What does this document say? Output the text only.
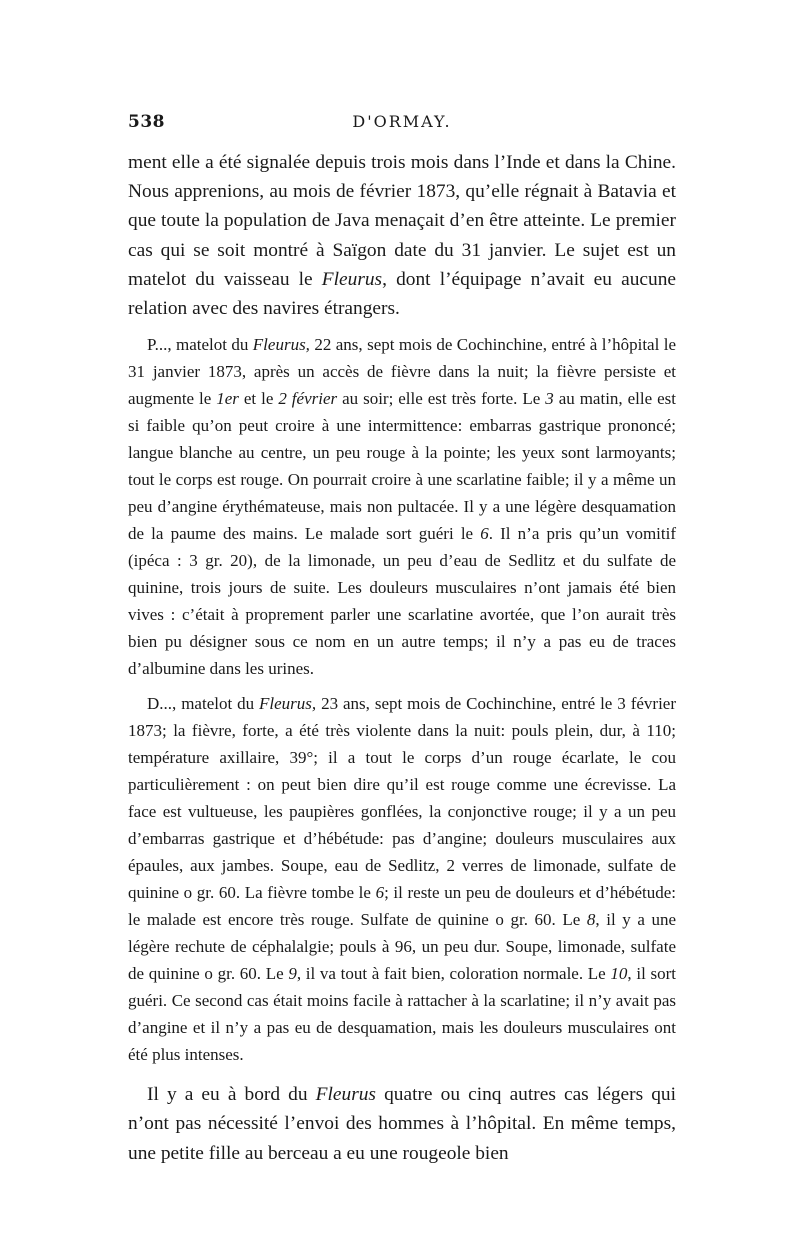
538	D'ORMAY.

ment elle a été signalée depuis trois mois dans l’Inde et dans la Chine. Nous apprenions, au mois de février 1873, qu’elle régnait à Batavia et que toute la population de Java menaçait d’en être atteinte. Le premier cas qui se soit montré à Saïgon date du 31 janvier. Le sujet est un matelot du vaisseau le Fleurus, dont l’équipage n’avait eu aucune relation avec des navires étrangers.

P..., matelot du Fleurus, 22 ans, sept mois de Cochinchine, entré à l’hôpital le 31 janvier 1873, après un accès de fièvre dans la nuit; la fièvre persiste et augmente le 1er et le 2 février au soir; elle est très forte. Le 3 au matin, elle est si faible qu’on peut croire à une intermittence: embarras gastrique prononcé; langue blanche au centre, un peu rouge à la pointe; les yeux sont larmoyants; tout le corps est rouge. On pourrait croire à une scarlatine faible; il y a même un peu d’angine érythémateuse, mais non pultacée. Il y a une légère desquamation de la paume des mains. Le malade sort guéri le 6. Il n’a pris qu’un vomitif (ipéca : 3 gr. 20), de la limonade, un peu d’eau de Sedlitz et du sulfate de quinine, trois jours de suite. Les douleurs musculaires n’ont jamais été bien vives : c’était à proprement parler une scarlatine avortée, que l’on aurait très bien pu désigner sous ce nom en un autre temps; il n’y a pas eu de traces d’albumine dans les urines.

D..., matelot du Fleurus, 23 ans, sept mois de Cochinchine, entré le 3 février 1873; la fièvre, forte, a été très violente dans la nuit: pouls plein, dur, à 110; température axillaire, 39°; il a tout le corps d’un rouge écarlate, le cou particulièrement : on peut bien dire qu’il est rouge comme une écrevisse. La face est vultueuse, les paupières gonflées, la conjonctive rouge; il y a un peu d’embarras gastrique et d’hébétude: pas d’angine; douleurs musculaires aux épaules, aux jambes. Soupe, eau de Sedlitz, 2 verres de limonade, sulfate de quinine o gr. 60. La fièvre tombe le 6; il reste un peu de douleurs et d’hébétude: le malade est encore très rouge. Sulfate de quinine o gr. 60. Le 8, il y a une légère rechute de céphalalgie; pouls à 96, un peu dur. Soupe, limonade, sulfate de quinine o gr. 60. Le 9, il va tout à fait bien, coloration normale. Le 10, il sort guéri. Ce second cas était moins facile à rattacher à la scarlatine; il n’y avait pas d’angine et il n’y a pas eu de desquamation, mais les douleurs musculaires ont été plus intenses.

Il y a eu à bord du Fleurus quatre ou cinq autres cas légers qui n’ont pas nécessité l’envoi des hommes à l’hôpital. En même temps, une petite fille au berceau a eu une rougeole bien
